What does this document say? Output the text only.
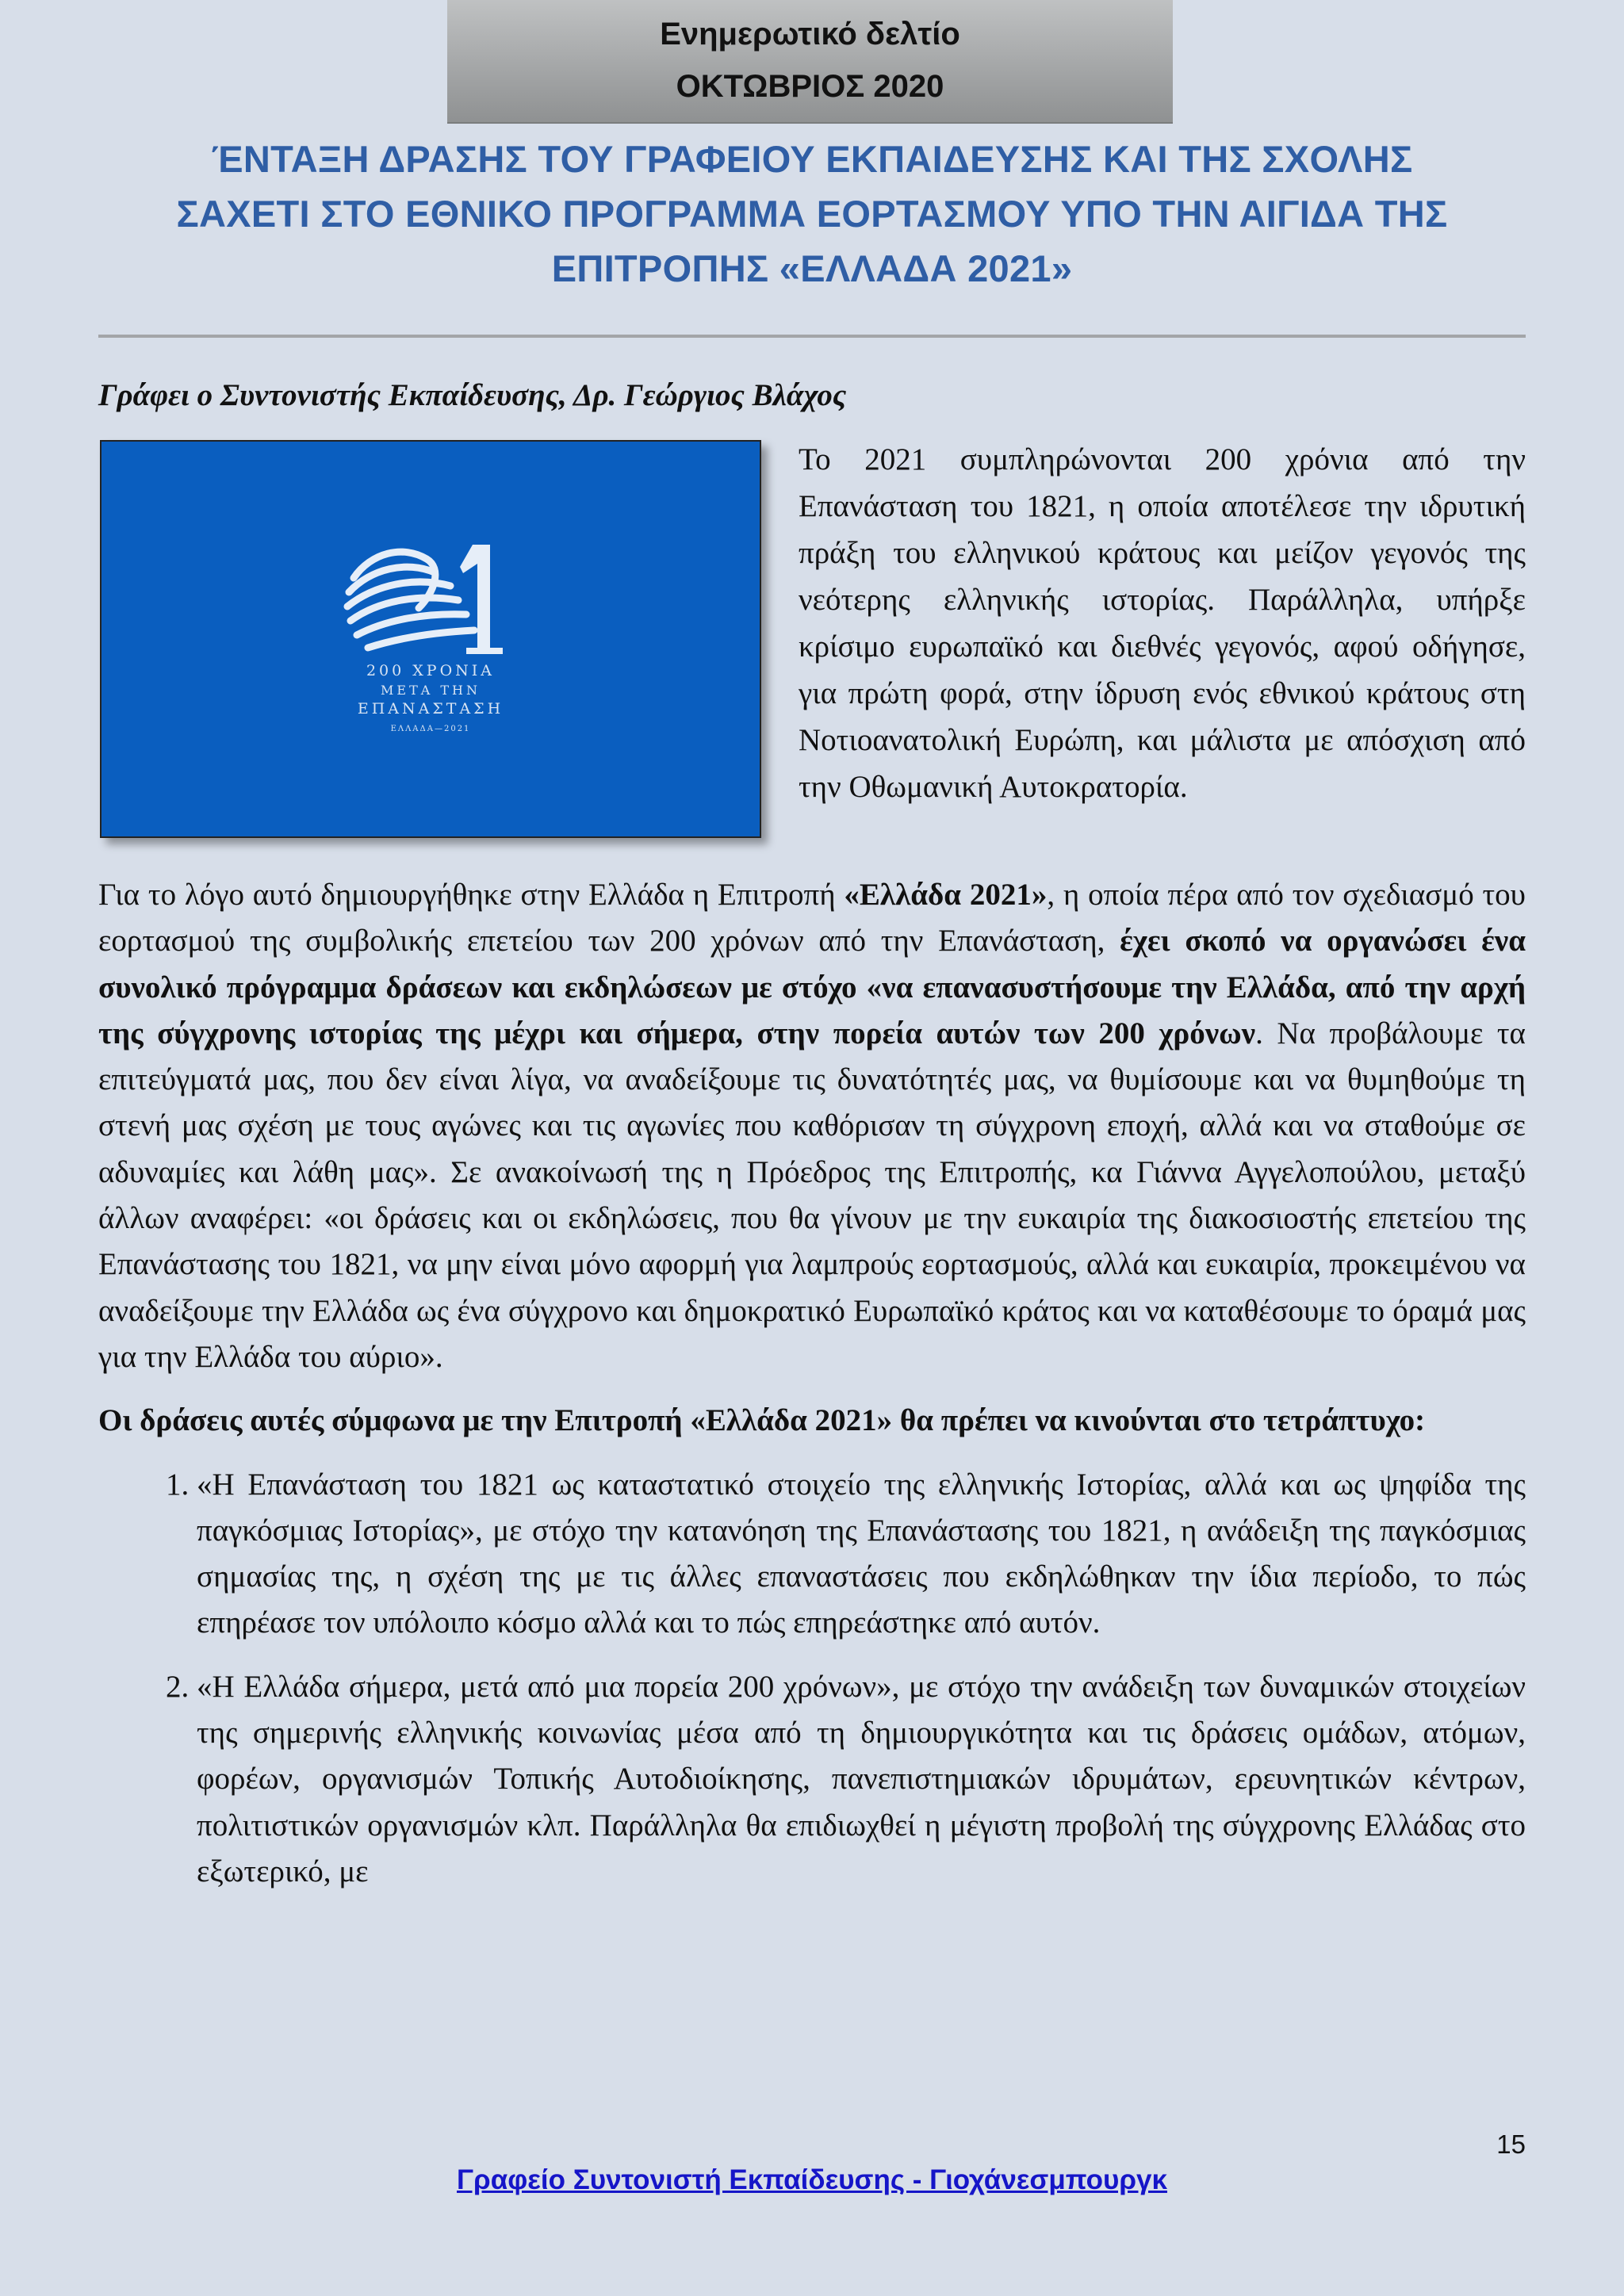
Ενημερωτικό δελτίο
ΟΚΤΩΒΡΙΟΣ 2020
ΈΝΤΑΞΗ ΔΡΑΣΗΣ ΤΟΥ ΓΡΑΦΕΙΟΥ ΕΚΠΑΙΔΕΥΣΗΣ ΚΑΙ ΤΗΣ ΣΧΟΛΗΣ
ΣΑΧΕΤΙ ΣΤΟ ΕΘΝΙΚΟ ΠΡΟΓΡΑΜΜΑ ΕΟΡΤΑΣΜΟΥ ΥΠΟ ΤΗΝ ΑΙΓΙΔΑ ΤΗΣ
ΕΠΙΤΡΟΠΗΣ «ΕΛΛΑΔΑ 2021»
Γράφει ο Συντονιστής Εκπαίδευσης, Δρ. Γεώργιος Βλάχος
200 ΧΡΟΝΙΑ
ΜΕΤΑ ΤΗΝ
ΕΠΑΝΑΣΤΑΣΗ
ΕΛΛΑΔΑ—2021

Το 2021 συμπληρώνονται 200 χρόνια από την Επανάσταση του 1821, η οποία αποτέλεσε την ιδρυτική πράξη του ελληνικού κράτους και μείζον γεγονός της νεότερης ελληνικής ιστορίας. Παράλληλα, υπήρξε κρίσιμο ευρωπαϊκό και διεθνές γεγονός, αφού οδήγησε, για πρώτη φορά, στην ίδρυση ενός εθνικού κράτους στη Νοτιοανατολική Ευρώπη, και μάλιστα με απόσχιση από την Οθωμανική Αυτοκρατορία.

Για το λόγο αυτό δημιουργήθηκε στην Ελλάδα η Επιτροπή «Ελλάδα 2021», η οποία πέρα από τον σχεδιασμό του εορτασμού της συμβολικής επετείου των 200 χρόνων από την Επανάσταση, έχει σκοπό να οργανώσει ένα συνολικό πρόγραμμα δράσεων και εκδηλώσεων με στόχο «να επανασυστήσουμε την Ελλάδα, από την αρχή της σύγχρονης ιστορίας της μέχρι και σήμερα, στην πορεία αυτών των 200 χρόνων. Να προβάλουμε τα επιτεύγματά μας, που δεν είναι λίγα, να αναδείξουμε τις δυνατότητές μας, να θυμίσουμε και να θυμηθούμε τη στενή μας σχέση με τους αγώνες και τις αγωνίες που καθόρισαν τη σύγχρονη εποχή, αλλά και να σταθούμε σε αδυναμίες και λάθη μας». Σε ανακοίνωσή της η Πρόεδρος της Επιτροπής, κα Γιάννα Αγγελοπούλου, μεταξύ άλλων αναφέρει: «οι δράσεις και οι εκδηλώσεις, που θα γίνουν με την ευκαιρία της διακοσιοστής επετείου της Επανάστασης του 1821, να μην είναι μόνο αφορμή για λαμπρούς εορτασμούς, αλλά και ευκαιρία, προκειμένου να αναδείξουμε την Ελλάδα ως ένα σύγχρονο και δημοκρατικό Ευρωπαϊκό κράτος και να καταθέσουμε το όραμά μας για την Ελλάδα του αύριο».

Οι δράσεις αυτές σύμφωνα με την Επιτροπή «Ελλάδα 2021» θα πρέπει να κινούνται στο τετράπτυχο:

1. «Η Επανάσταση του 1821 ως καταστατικό στοιχείο της ελληνικής Ιστορίας, αλλά και ως ψηφίδα της παγκόσμιας Ιστορίας», με στόχο την κατανόηση της Επανάστασης του 1821, η ανάδειξη της παγκόσμιας σημασίας της, η σχέση της με τις άλλες επαναστάσεις που εκδηλώθηκαν την ίδια περίοδο, το πώς επηρέασε τον υπόλοιπο κόσμο αλλά και το πώς επηρεάστηκε από αυτόν.
2. «Η Ελλάδα σήμερα, μετά από μια πορεία 200 χρόνων», με στόχο την ανάδειξη των δυναμικών στοιχείων της σημερινής ελληνικής κοινωνίας μέσα από τη δημιουργικότητα και τις δράσεις ομάδων, ατόμων, φορέων, οργανισμών Τοπικής Αυτοδιοίκησης, πανεπιστημιακών ιδρυμάτων, ερευνητικών κέντρων, πολιτιστικών οργανισμών κλπ. Παράλληλα θα επιδιωχθεί η μέγιστη προβολή της σύγχρονης Ελλάδας στο εξωτερικό, με
15
Γραφείο Συντονιστή Εκπαίδευσης - Γιοχάνεσμπουργκ
